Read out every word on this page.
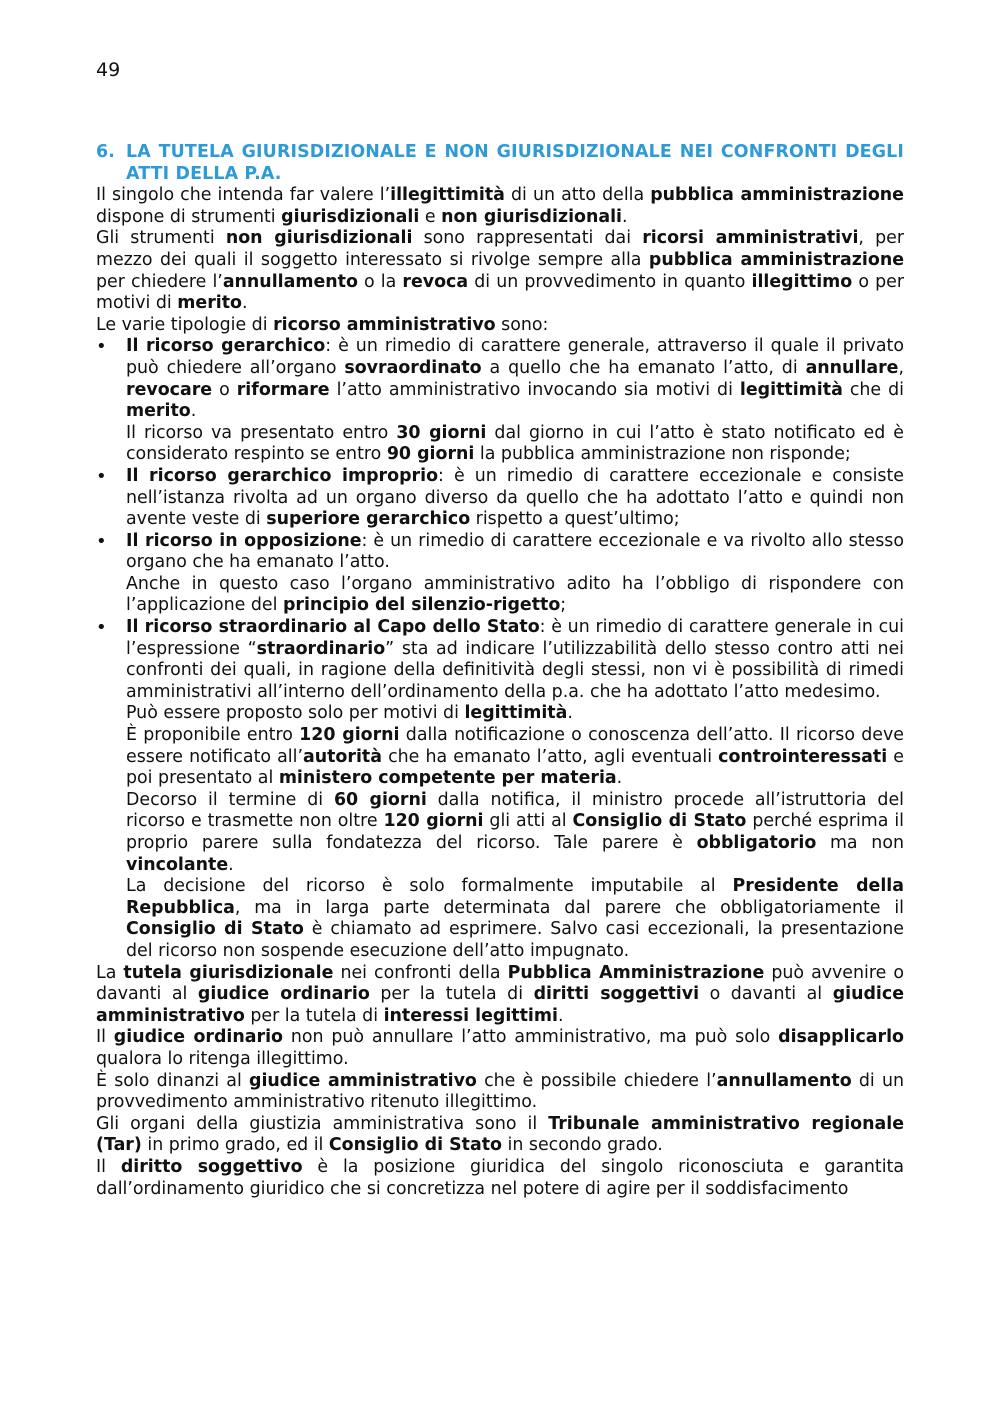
49
6. LA TUTELA GIURISDIZIONALE E NON GIURISDIZIONALE NEI CONFRONTI DEGLI ATTI DELLA P.A.

Il singolo che intenda far valere l’illegittimità di un atto della pubblica amministrazione dispone di strumenti giurisdizionali e non giurisdizionali.

Gli strumenti non giurisdizionali sono rappresentati dai ricorsi amministrativi, per mezzo dei quali il soggetto interessato si rivolge sempre alla pubblica amministrazione per chiedere l’annullamento o la revoca di un provvedimento in quanto illegittimo o per motivi di merito.

Le varie tipologie di ricorso amministrativo sono:

•

Il ricorso gerarchico: è un rimedio di carattere generale, attraverso il quale il privato può chiedere all’organo sovraordinato a quello che ha emanato l’atto, di annullare, revocare o riformare l’atto amministrativo invocando sia motivi di legittimità che di merito.

Il ricorso va presentato entro 30 giorni dal giorno in cui l’atto è stato notificato ed è considerato respinto se entro 90 giorni la pubblica amministrazione non risponde;

•

Il ricorso gerarchico improprio: è un rimedio di carattere eccezionale e consiste nell’istanza rivolta ad un organo diverso da quello che ha adottato l’atto e quindi non avente veste di superiore gerarchico rispetto a quest’ultimo;

•

Il ricorso in opposizione: è un rimedio di carattere eccezionale e va rivolto allo stesso organo che ha emanato l’atto.

Anche in questo caso l’organo amministrativo adito ha l’obbligo di rispondere con l’applicazione del principio del silenzio-rigetto;

•

Il ricorso straordinario al Capo dello Stato: è un rimedio di carattere generale in cui l’espressione “straordinario” sta ad indicare l’utilizzabilità dello stesso contro atti nei confronti dei quali, in ragione della definitività degli stessi, non vi è possibilità di rimedi amministrativi all’interno dell’ordinamento della p.a. che ha adottato l’atto medesimo.

Può essere proposto solo per motivi di legittimità.

È proponibile entro 120 giorni dalla notificazione o conoscenza dell’atto. Il ricorso deve essere notificato all’autorità che ha emanato l’atto, agli eventuali controinteressati e poi presentato al ministero competente per materia.

Decorso il termine di 60 giorni dalla notifica, il ministro procede all’istruttoria del ricorso e trasmette non oltre 120 giorni gli atti al Consiglio di Stato perché esprima il proprio parere sulla fondatezza del ricorso. Tale parere è obbligatorio ma non vincolante.

La decisione del ricorso è solo formalmente imputabile al Presidente della Repubblica, ma in larga parte determinata dal parere che obbligatoriamente il Consiglio di Stato è chiamato ad esprimere. Salvo casi eccezionali, la presentazione del ricorso non sospende esecuzione dell’atto impugnato.

La tutela giurisdizionale nei confronti della Pubblica Amministrazione può avvenire o davanti al giudice ordinario per la tutela di diritti soggettivi o davanti al giudice amministrativo per la tutela di interessi legittimi.

Il giudice ordinario non può annullare l’atto amministrativo, ma può solo disapplicarlo qualora lo ritenga illegittimo.

È solo dinanzi al giudice amministrativo che è possibile chiedere l’annullamento di un provvedimento amministrativo ritenuto illegittimo.

Gli organi della giustizia amministrativa sono il Tribunale amministrativo regionale (Tar) in primo grado, ed il Consiglio di Stato in secondo grado.

Il diritto soggettivo è la posizione giuridica del singolo riconosciuta e garantita dall’ordinamento giuridico che si concretizza nel potere di agire per il soddisfacimento
